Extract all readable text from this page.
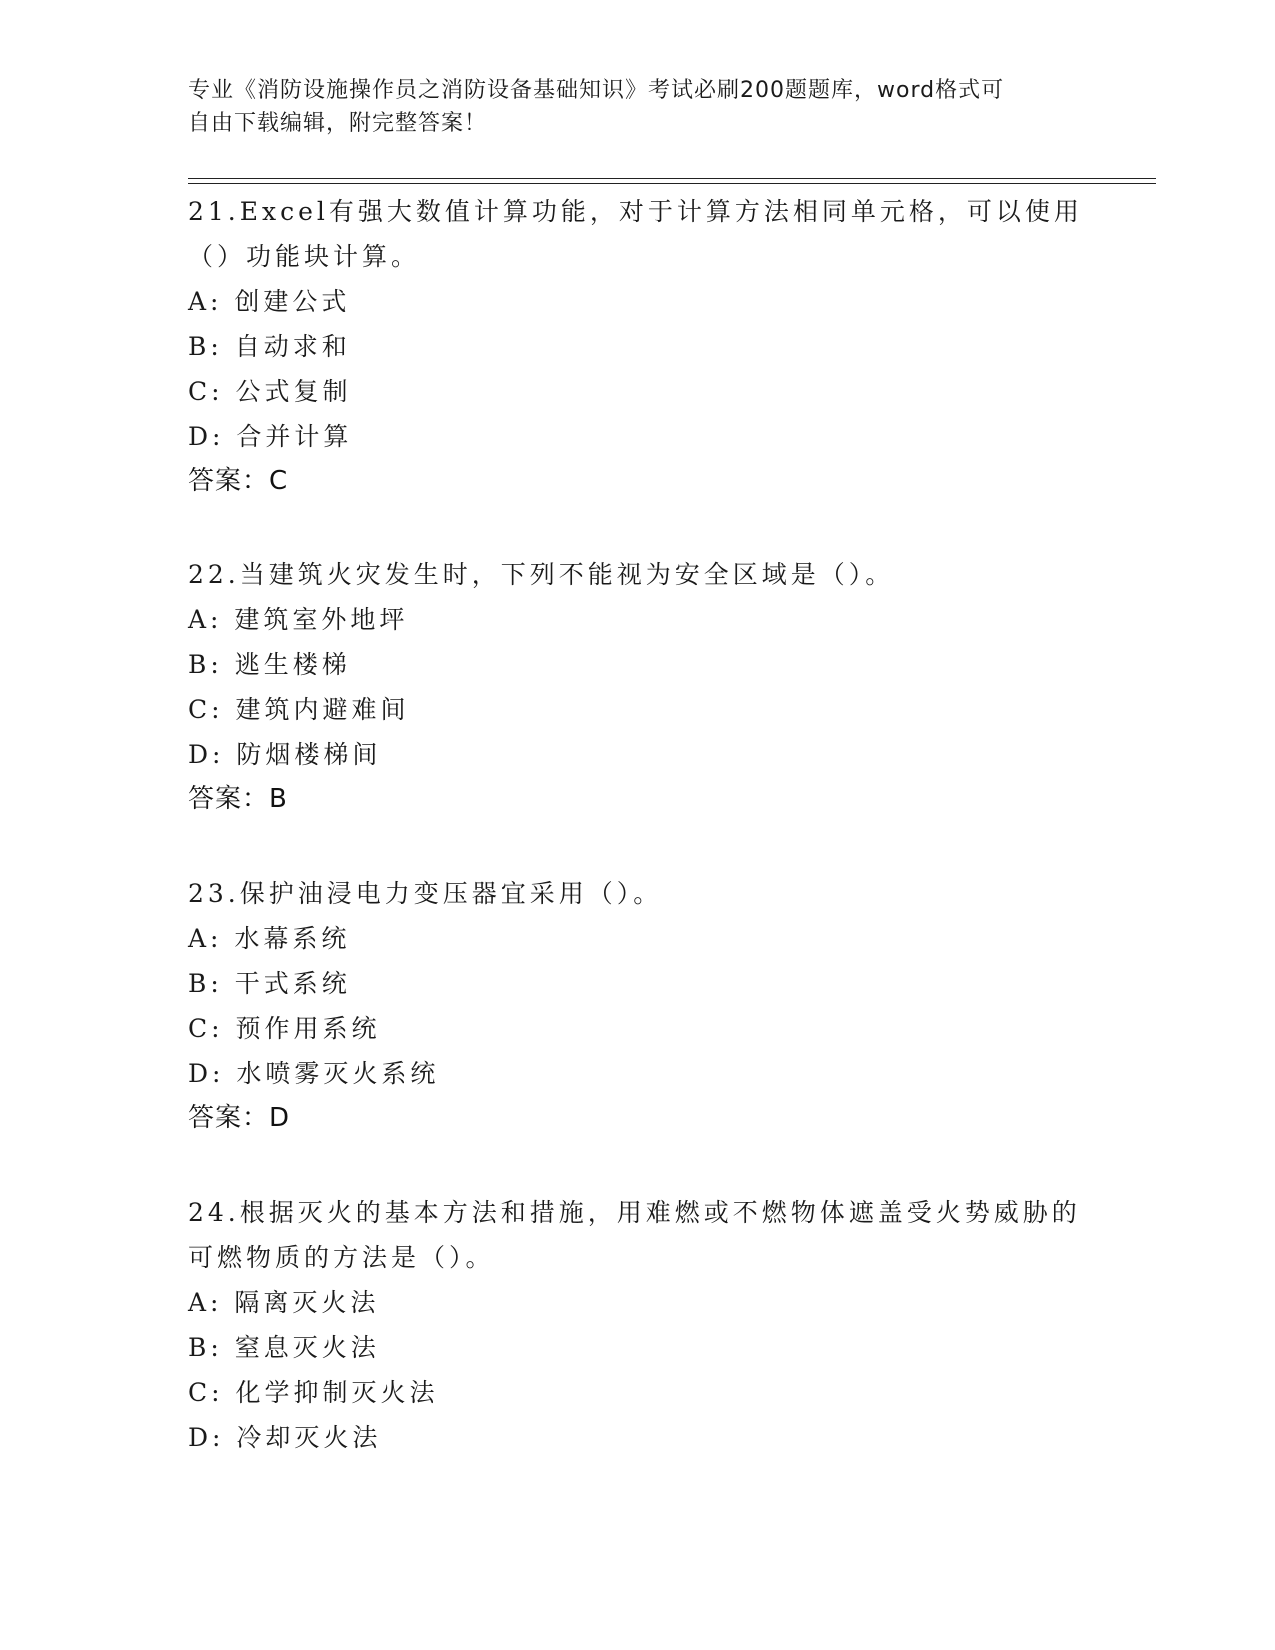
专业《消防设施操作员之消防设备基础知识》考试必刷200题题库，word格式可
自由下载编辑，附完整答案！
21.Excel有强大数值计算功能，对于计算方法相同单元格，可以使用
（）功能块计算。
A: 创建公式
B: 自动求和
C: 公式复制
D: 合并计算
答案：C
22.当建筑火灾发生时，下列不能视为安全区域是（）。
A: 建筑室外地坪
B: 逃生楼梯
C: 建筑内避难间
D: 防烟楼梯间
答案：B
23.保护油浸电力变压器宜采用（）。
A: 水幕系统
B: 干式系统
C: 预作用系统
D: 水喷雾灭火系统
答案：D
24.根据灭火的基本方法和措施，用难燃或不燃物体遮盖受火势威胁的
可燃物质的方法是（）。
A: 隔离灭火法
B: 窒息灭火法
C: 化学抑制灭火法
D: 冷却灭火法
